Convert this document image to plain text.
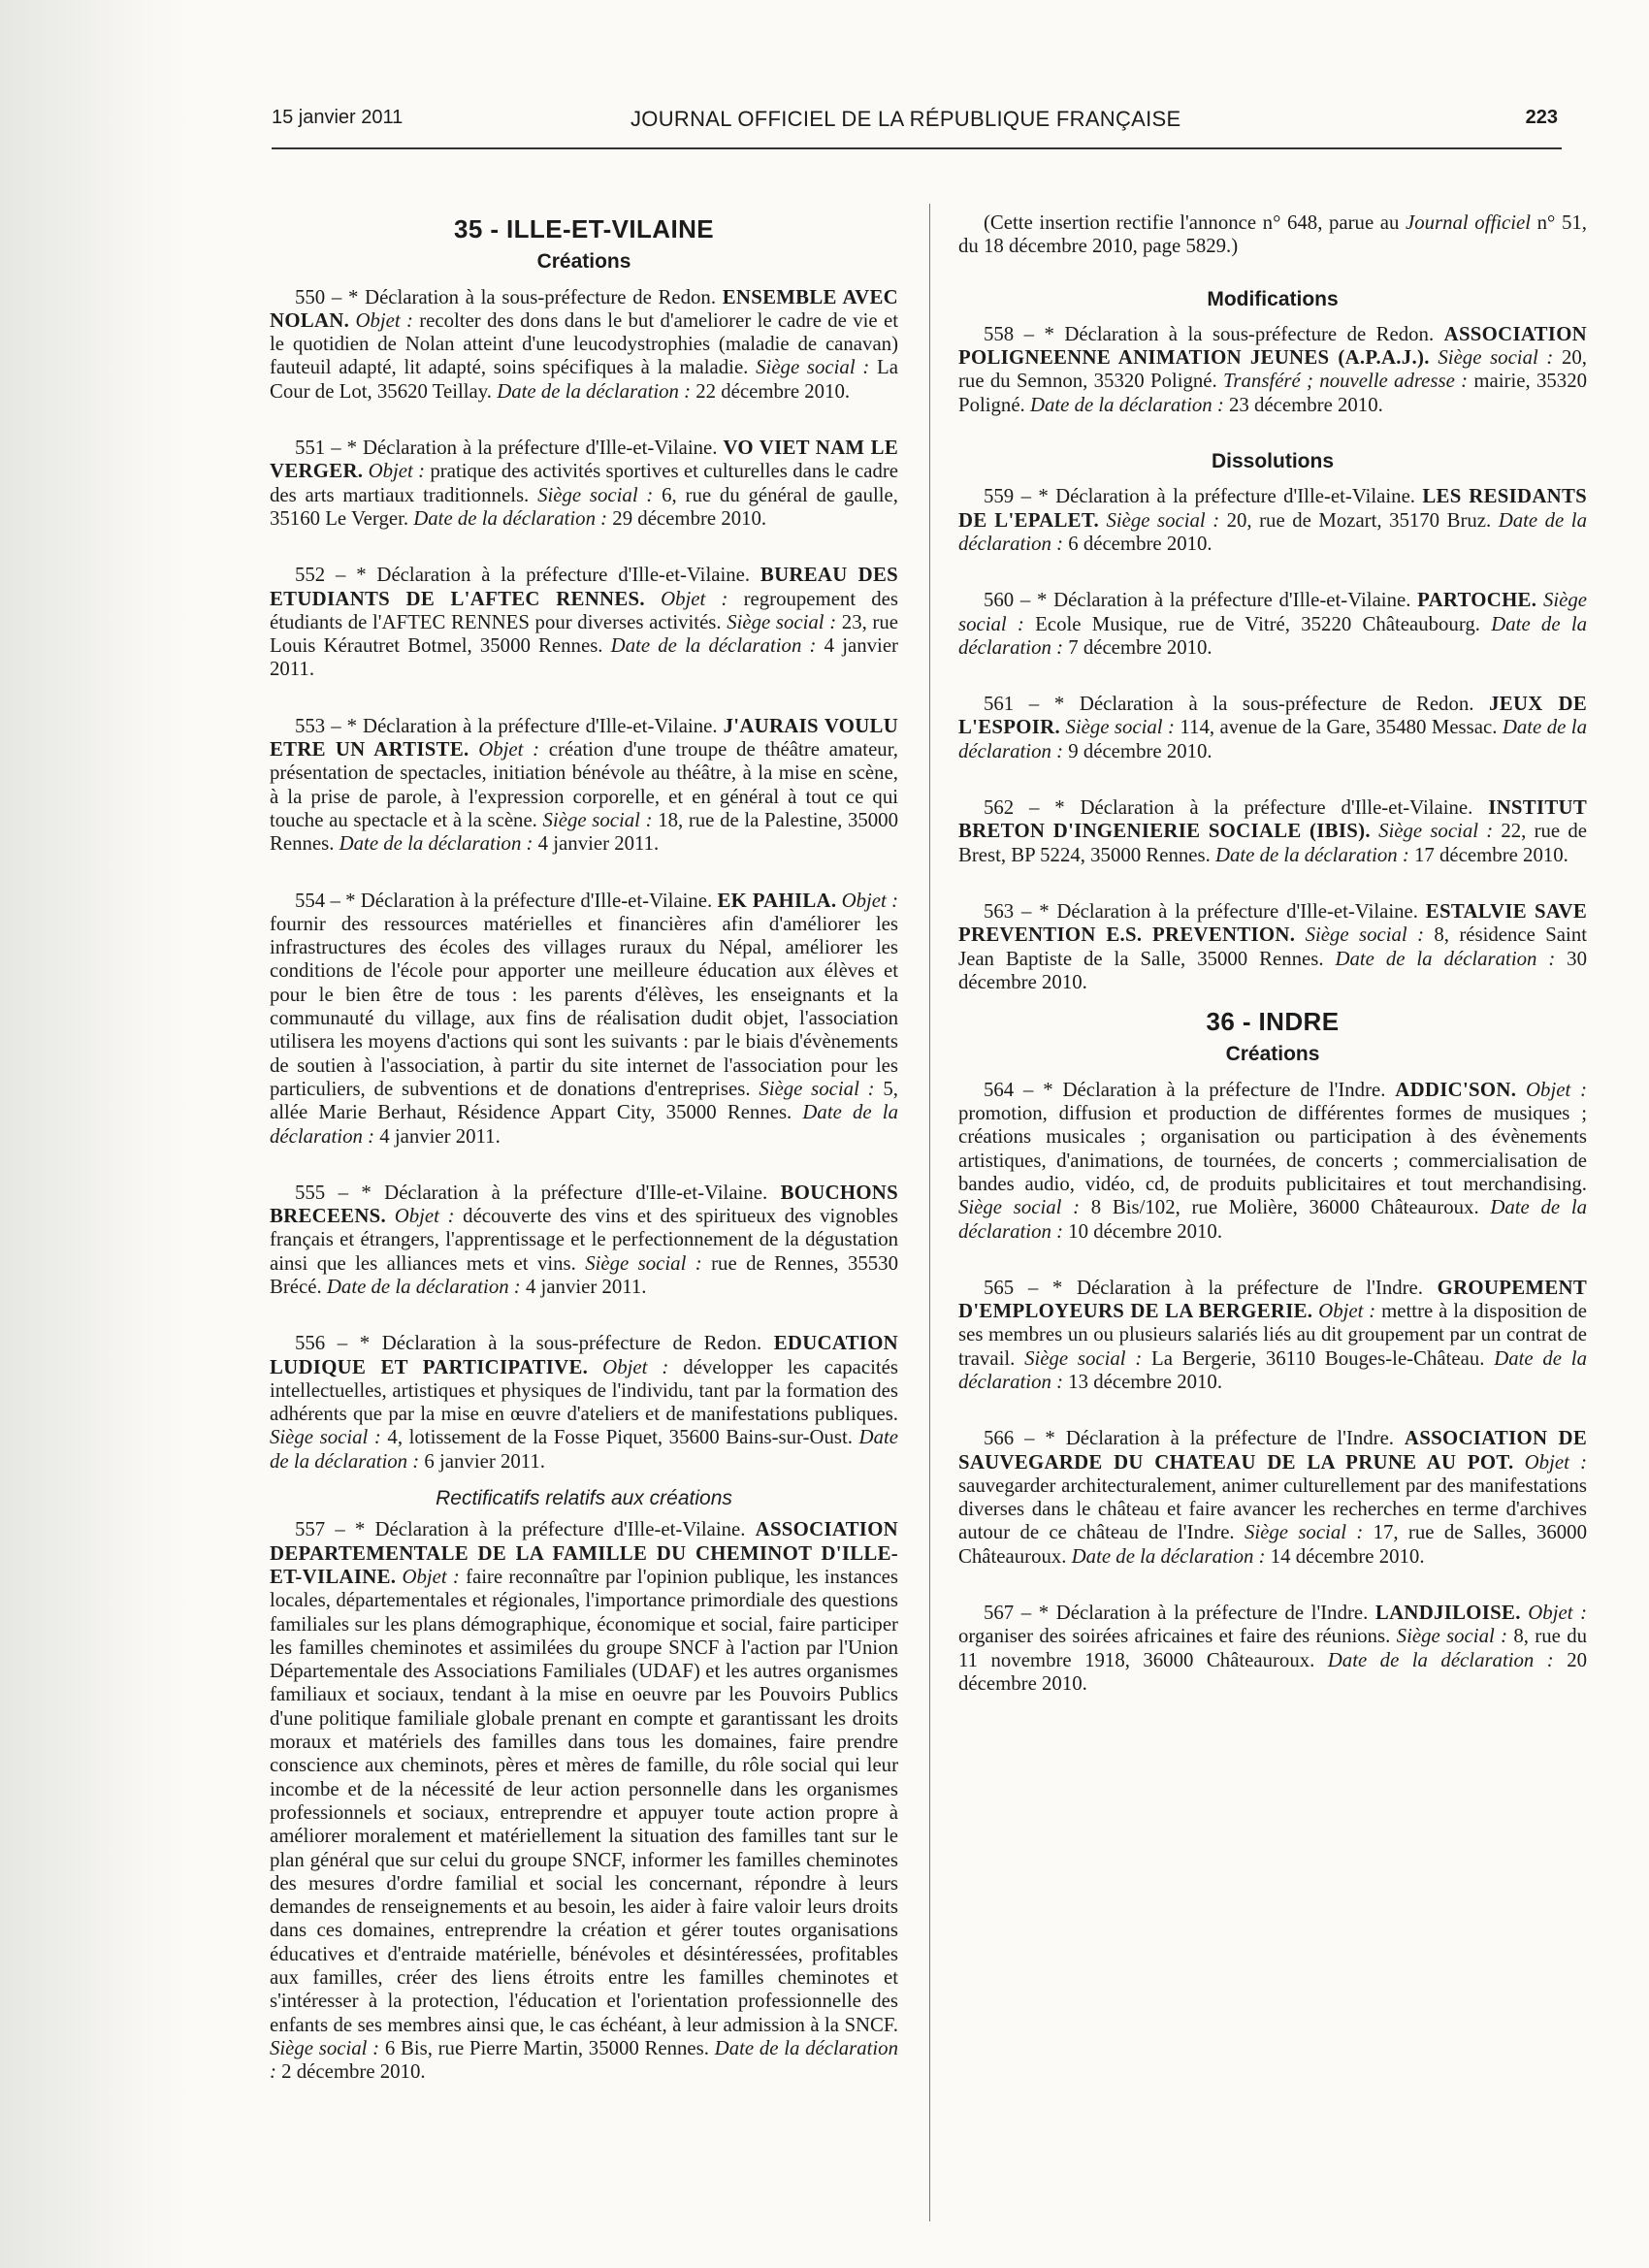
15 janvier 2011	JOURNAL OFFICIEL DE LA RÉPUBLIQUE FRANÇAISE	223
35 - ILLE-ET-VILAINE
Créations

550 – * Déclaration à la sous-préfecture de Redon. ENSEMBLE AVEC NOLAN. Objet : recolter des dons dans le but d'ameliorer le cadre de vie et le quotidien de Nolan atteint d'une leucodystrophies (maladie de canavan) fauteuil adapté, lit adapté, soins spécifiques à la maladie. Siège social : La Cour de Lot, 35620 Teillay. Date de la déclaration : 22 décembre 2010.

551 – * Déclaration à la préfecture d'Ille-et-Vilaine. VO VIET NAM LE VERGER. Objet : pratique des activités sportives et culturelles dans le cadre des arts martiaux traditionnels. Siège social : 6, rue du général de gaulle, 35160 Le Verger. Date de la déclaration : 29 décembre 2010.

552 – * Déclaration à la préfecture d'Ille-et-Vilaine. BUREAU DES ETUDIANTS DE L'AFTEC RENNES. Objet : regroupement des étudiants de l'AFTEC RENNES pour diverses activités. Siège social : 23, rue Louis Kérautret Botmel, 35000 Rennes. Date de la déclaration : 4 janvier 2011.

553 – * Déclaration à la préfecture d'Ille-et-Vilaine. J'AURAIS VOULU ETRE UN ARTISTE. Objet : création d'une troupe de théâtre amateur, présentation de spectacles, initiation bénévole au théâtre, à la mise en scène, à la prise de parole, à l'expression corporelle, et en général à tout ce qui touche au spectacle et à la scène. Siège social : 18, rue de la Palestine, 35000 Rennes. Date de la déclaration : 4 janvier 2011.

554 – * Déclaration à la préfecture d'Ille-et-Vilaine. EK PAHILA. Objet : fournir des ressources matérielles et financières afin d'améliorer les infrastructures des écoles des villages ruraux du Népal, améliorer les conditions de l'école pour apporter une meilleure éducation aux élèves et pour le bien être de tous : les parents d'élèves, les enseignants et la communauté du village, aux fins de réalisation dudit objet, l'association utilisera les moyens d'actions qui sont les suivants : par le biais d'évènements de soutien à l'association, à partir du site internet de l'association pour les particuliers, de subventions et de donations d'entreprises. Siège social : 5, allée Marie Berhaut, Résidence Appart City, 35000 Rennes. Date de la déclaration : 4 janvier 2011.

555 – * Déclaration à la préfecture d'Ille-et-Vilaine. BOUCHONS BRECEENS. Objet : découverte des vins et des spiritueux des vignobles français et étrangers, l'apprentissage et le perfectionnement de la dégustation ainsi que les alliances mets et vins. Siège social : rue de Rennes, 35530 Brécé. Date de la déclaration : 4 janvier 2011.

556 – * Déclaration à la sous-préfecture de Redon. EDUCATION LUDIQUE ET PARTICIPATIVE. Objet : développer les capacités intellectuelles, artistiques et physiques de l'individu, tant par la formation des adhérents que par la mise en œuvre d'ateliers et de manifestations publiques. Siège social : 4, lotissement de la Fosse Piquet, 35600 Bains-sur-Oust. Date de la déclaration : 6 janvier 2011.

Rectificatifs relatifs aux créations

557 – * Déclaration à la préfecture d'Ille-et-Vilaine. ASSOCIATION DEPARTEMENTALE DE LA FAMILLE DU CHEMINOT D'ILLE-ET-VILAINE. Objet : faire reconnaître par l'opinion publique, les instances locales, départementales et régionales, l'importance primordiale des questions familiales sur les plans démographique, économique et social, faire participer les familles cheminotes et assimilées du groupe SNCF à l'action par l'Union Départementale des Associations Familiales (UDAF) et les autres organismes familiaux et sociaux, tendant à la mise en oeuvre par les Pouvoirs Publics d'une politique familiale globale prenant en compte et garantissant les droits moraux et matériels des familles dans tous les domaines, faire prendre conscience aux cheminots, pères et mères de famille, du rôle social qui leur incombe et de la nécessité de leur action personnelle dans les organismes professionnels et sociaux, entreprendre et appuyer toute action propre à améliorer moralement et matériellement la situation des familles tant sur le plan général que sur celui du groupe SNCF, informer les familles cheminotes des mesures d'ordre familial et social les concernant, répondre à leurs demandes de renseignements et au besoin, les aider à faire valoir leurs droits dans ces domaines, entreprendre la création et gérer toutes organisations éducatives et d'entraide matérielle, bénévoles et désintéressées, profitables aux familles, créer des liens étroits entre les familles cheminotes et s'intéresser à la protection, l'éducation et l'orientation professionnelle des enfants de ses membres ainsi que, le cas échéant, à leur admission à la SNCF. Siège social : 6 Bis, rue Pierre Martin, 35000 Rennes. Date de la déclaration : 2 décembre 2010.

(Cette insertion rectifie l'annonce n° 648, parue au Journal officiel n° 51, du 18 décembre 2010, page 5829.)

Modifications

558 – * Déclaration à la sous-préfecture de Redon. ASSOCIATION POLIGNEENNE ANIMATION JEUNES (A.P.A.J.). Siège social : 20, rue du Semnon, 35320 Poligné. Transféré ; nouvelle adresse : mairie, 35320 Poligné. Date de la déclaration : 23 décembre 2010.

Dissolutions

559 – * Déclaration à la préfecture d'Ille-et-Vilaine. LES RESIDANTS DE L'EPALET. Siège social : 20, rue de Mozart, 35170 Bruz. Date de la déclaration : 6 décembre 2010.

560 – * Déclaration à la préfecture d'Ille-et-Vilaine. PARTOCHE. Siège social : Ecole Musique, rue de Vitré, 35220 Châteaubourg. Date de la déclaration : 7 décembre 2010.

561 – * Déclaration à la sous-préfecture de Redon. JEUX DE L'ESPOIR. Siège social : 114, avenue de la Gare, 35480 Messac. Date de la déclaration : 9 décembre 2010.

562 – * Déclaration à la préfecture d'Ille-et-Vilaine. INSTITUT BRETON D'INGENIERIE SOCIALE (IBIS). Siège social : 22, rue de Brest, BP 5224, 35000 Rennes. Date de la déclaration : 17 décembre 2010.

563 – * Déclaration à la préfecture d'Ille-et-Vilaine. ESTALVIE SAVE PREVENTION E.S. PREVENTION. Siège social : 8, résidence Saint Jean Baptiste de la Salle, 35000 Rennes. Date de la déclaration : 30 décembre 2010.

36 - INDRE
Créations

564 – * Déclaration à la préfecture de l'Indre. ADDIC'SON. Objet : promotion, diffusion et production de différentes formes de musiques ; créations musicales ; organisation ou participation à des évènements artistiques, d'animations, de tournées, de concerts ; commercialisation de bandes audio, vidéo, cd, de produits publicitaires et tout merchandising. Siège social : 8 Bis/102, rue Molière, 36000 Châteauroux. Date de la déclaration : 10 décembre 2010.

565 – * Déclaration à la préfecture de l'Indre. GROUPEMENT D'EMPLOYEURS DE LA BERGERIE. Objet : mettre à la disposition de ses membres un ou plusieurs salariés liés au dit groupement par un contrat de travail. Siège social : La Bergerie, 36110 Bouges-le-Château. Date de la déclaration : 13 décembre 2010.

566 – * Déclaration à la préfecture de l'Indre. ASSOCIATION DE SAUVEGARDE DU CHATEAU DE LA PRUNE AU POT. Objet : sauvegarder architecturalement, animer culturellement par des manifestations diverses dans le château et faire avancer les recherches en terme d'archives autour de ce château de l'Indre. Siège social : 17, rue de Salles, 36000 Châteauroux. Date de la déclaration : 14 décembre 2010.

567 – * Déclaration à la préfecture de l'Indre. LANDJILOISE. Objet : organiser des soirées africaines et faire des réunions. Siège social : 8, rue du 11 novembre 1918, 36000 Châteauroux. Date de la déclaration : 20 décembre 2010.
